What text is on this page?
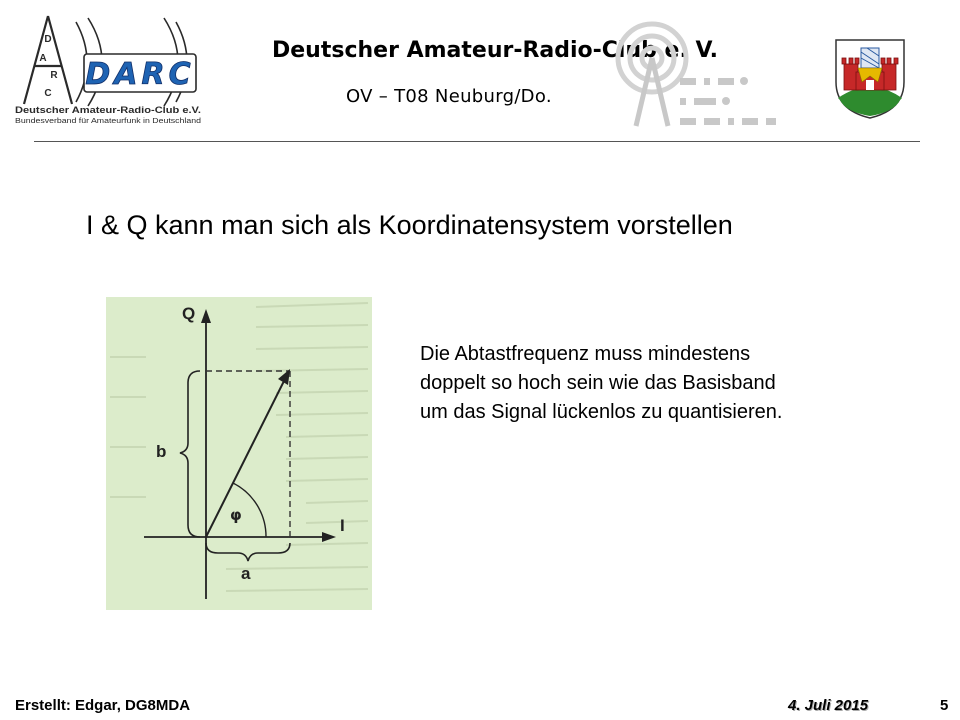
D
A
R
C
DARC
Deutscher Amateur-Radio-Club e.V.
Bundesverband für Amateurfunk in Deutschland
Deutscher Amateur-Radio-Club e. V.
OV – T08 Neuburg/Do.
I & Q kann man sich als Koordinatensystem vorstellen
Q
I
b
a
φ
Die Abtastfrequenz muss mindestens
doppelt so hoch sein wie das Basisband
um das Signal lückenlos zu quantisieren.
Erstellt: Edgar, DG8MDA	4. Juli 2015	5
